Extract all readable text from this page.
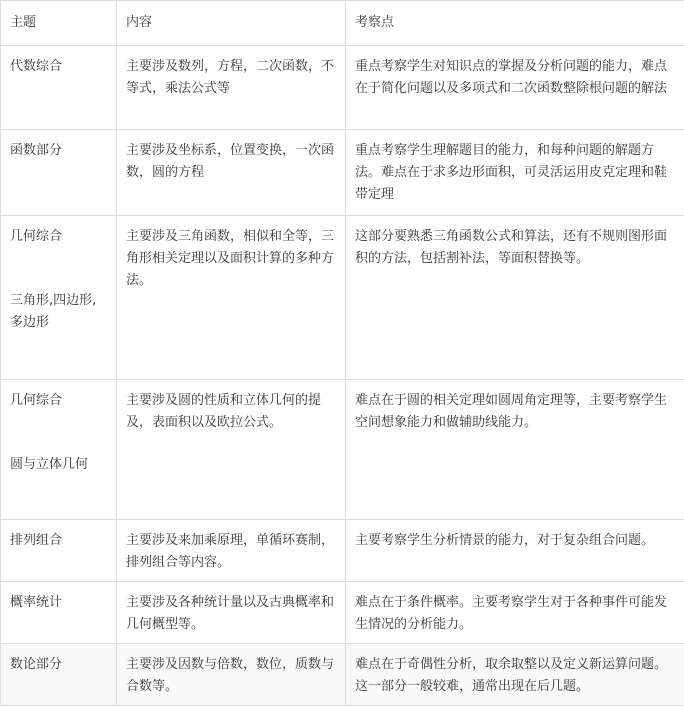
主题	内容	考察点

代数综合	主要涉及数列，方程，二次函数，不等式，乘法公式等	重点考察学生对知识点的掌握及分析问题的能力，难点在于简化问题以及多项式和二次函数整除根问题的解法

函数部分	主要涉及坐标系，位置变换，一次函数，圆的方程	重点考察学生理解题目的能力，和每种问题的解题方法。难点在于求多边形面积，可灵活运用皮克定理和鞋带定理

几何综合
三角形,四边形,多边形	主要涉及三角函数，相似和全等，三角形相关定理以及面积计算的多种方法。	这部分要熟悉三角函数公式和算法，还有不规则图形面积的方法，包括割补法，等面积替换等。

几何综合
圆与立体几何	主要涉及圆的性质和立体几何的提及，表面积以及欧拉公式。	难点在于圆的相关定理如圆周角定理等，主要考察学生空间想象能力和做辅助线能力。

排列组合	主要涉及来加乘原理，单循环赛制，排列组合等内容。	主要考察学生分析情景的能力，对于复杂组合问题。

概率统计	主要涉及各种统计量以及古典概率和几何概型等。	难点在于条件概率。主要考察学生对于各种事件可能发生情况的分析能力。

数论部分	主要涉及因数与倍数，数位，质数与合数等。	难点在于奇偶性分析，取余取整以及定义新运算问题。这一部分一般较难，通常出现在后几题。
